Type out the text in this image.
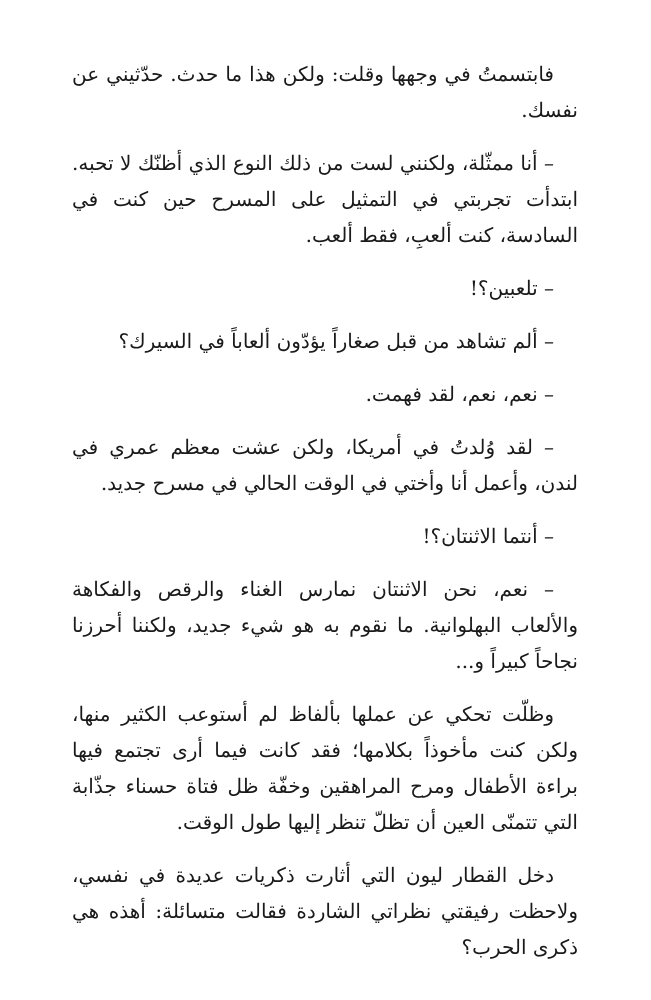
فابتسمتُ في وجهها وقلت: ولكن هذا ما حدث. حدّثيني عن نفسك.

– أنا ممثّلة، ولكنني لست من ذلك النوع الذي أظنّك لا تحبه. ابتدأت تجربتي في التمثيل على المسرح حين كنت في السادسة، كنت ألعبِ، فقط ألعب.

– تلعبين؟!

– ألم تشاهد من قبل صغاراً يؤدّون ألعاباً في السيرك؟

– نعم، نعم، لقد فهمت.

– لقد وُلدتُ في أمريكا، ولكن عشت معظم عمري في لندن، وأعمل أنا وأختي في الوقت الحالي في مسرح جديد.

– أنتما الاثنتان؟!

– نعم، نحن الاثنتان نمارس الغناء والرقص والفكاهة والألعاب البهلوانية. ما نقوم به هو شيء جديد، ولكننا أحرزنا نجاحاً كبيراً و...

وظلّت تحكي عن عملها بألفاظ لم أستوعب الكثير منها، ولكن كنت مأخوذاً بكلامها؛ فقد كانت فيما أرى تجتمع فيها براءة الأطفال ومرح المراهقين وخفّة ظل فتاة حسناء جذّابة التي تتمنّى العين أن تظلّ تنظر إليها طول الوقت.

دخل القطار ليون التي أثارت ذكريات عديدة في نفسي، ولاحظت رفيقتي نظراتي الشاردة فقالت متسائلة: أهذه هي ذكرى الحرب؟
